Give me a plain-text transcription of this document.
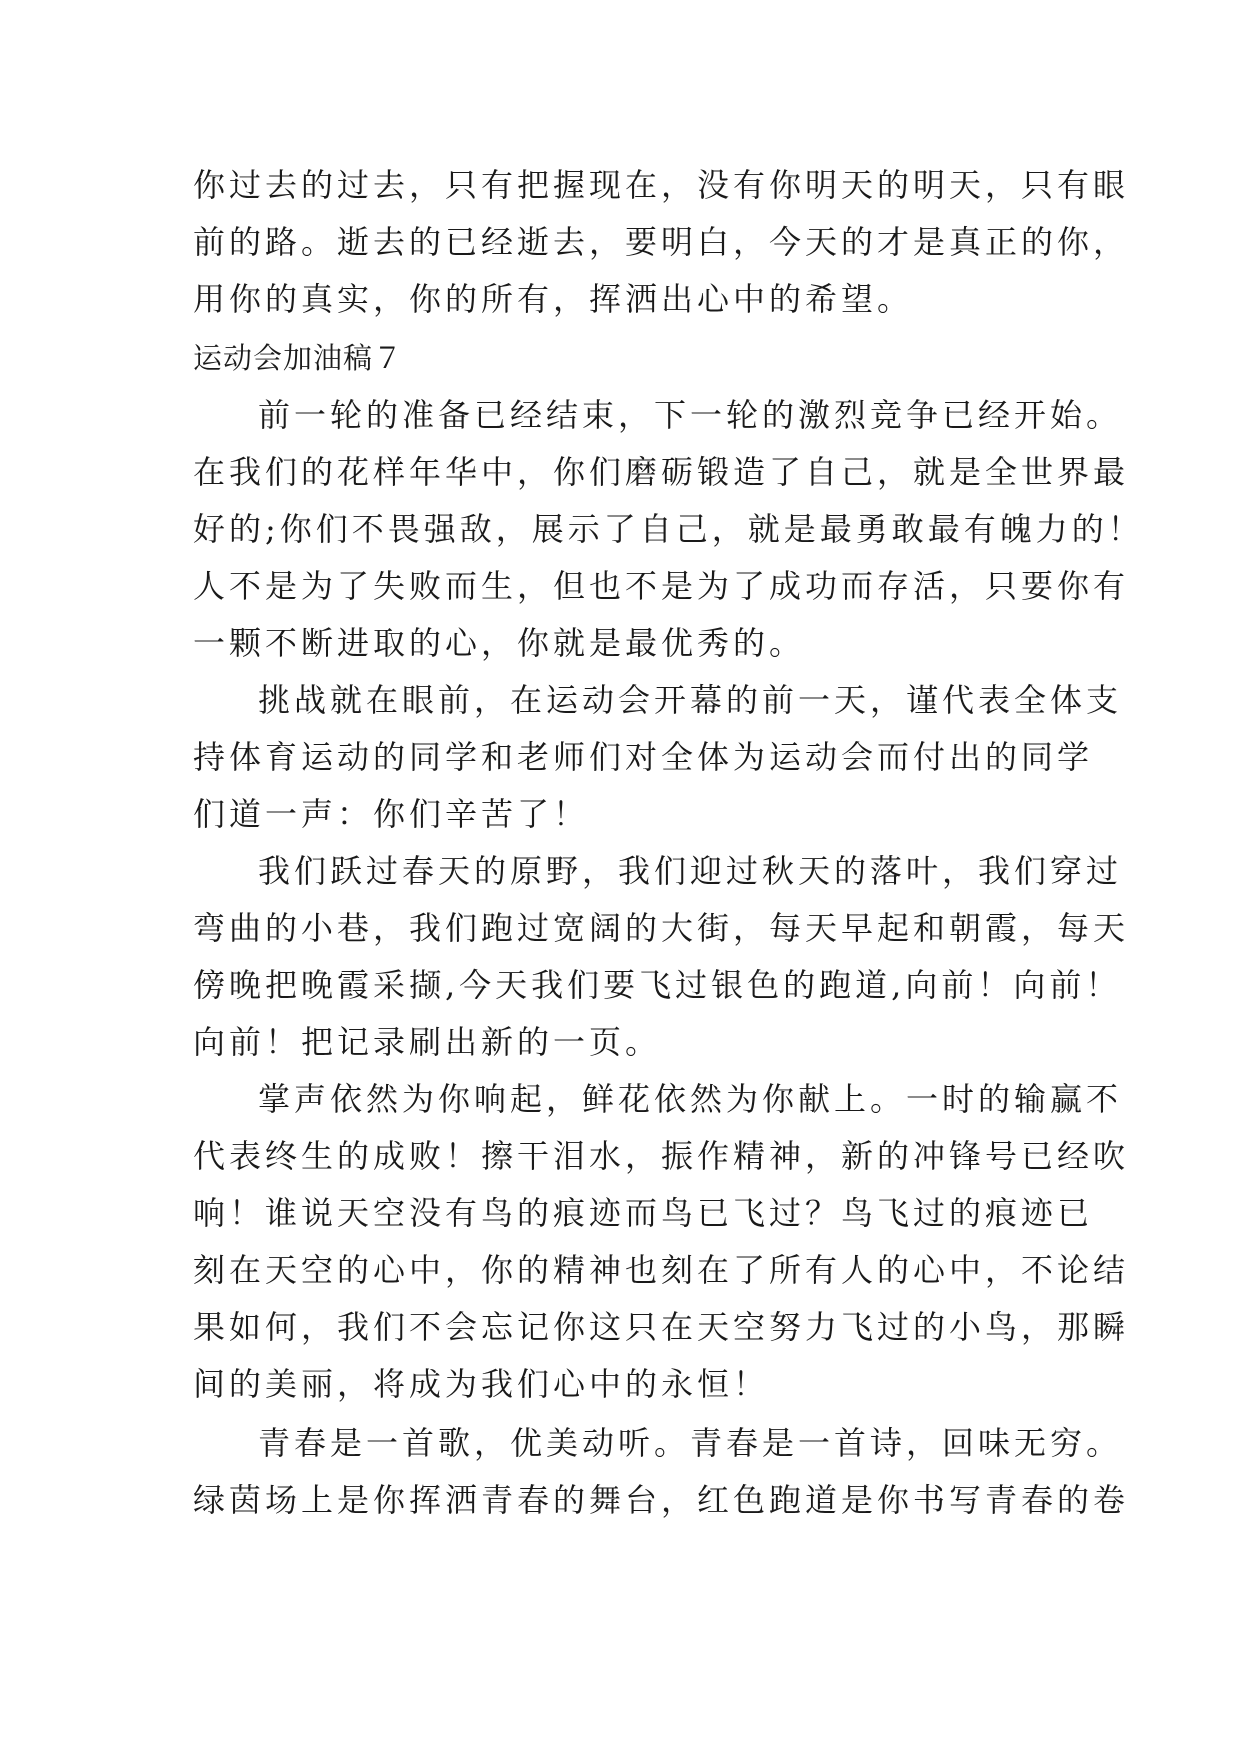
你过去的过去，只有把握现在，没有你明天的明天，只有眼
前的路。逝去的已经逝去，要明白，今天的才是真正的你，
用你的真实，你的所有，挥洒出心中的希望。
运动会加油稿７
前一轮的准备已经结束，下一轮的激烈竞争已经开始。
在我们的花样年华中，你们磨砺锻造了自己，就是全世界最
好的;你们不畏强敌，展示了自己，就是最勇敢最有魄力的！
人不是为了失败而生，但也不是为了成功而存活，只要你有
一颗不断进取的心，你就是最优秀的。
挑战就在眼前，在运动会开幕的前一天，谨代表全体支
持体育运动的同学和老师们对全体为运动会而付出的同学
们道一声：你们辛苦了！
我们跃过春天的原野，我们迎过秋天的落叶，我们穿过
弯曲的小巷，我们跑过宽阔的大街，每天早起和朝霞，每天
傍晚把晚霞采撷,今天我们要飞过银色的跑道,向前！向前！
向前！把记录刷出新的一页。
掌声依然为你响起，鲜花依然为你献上。一时的输赢不
代表终生的成败！擦干泪水，振作精神，新的冲锋号已经吹
响！谁说天空没有鸟的痕迹而鸟已飞过？鸟飞过的痕迹已
刻在天空的心中，你的精神也刻在了所有人的心中，不论结
果如何，我们不会忘记你这只在天空努力飞过的小鸟，那瞬
间的美丽，将成为我们心中的永恒！
青春是一首歌，优美动听。青春是一首诗，回味无穷。
绿茵场上是你挥洒青春的舞台，红色跑道是你书写青春的卷
